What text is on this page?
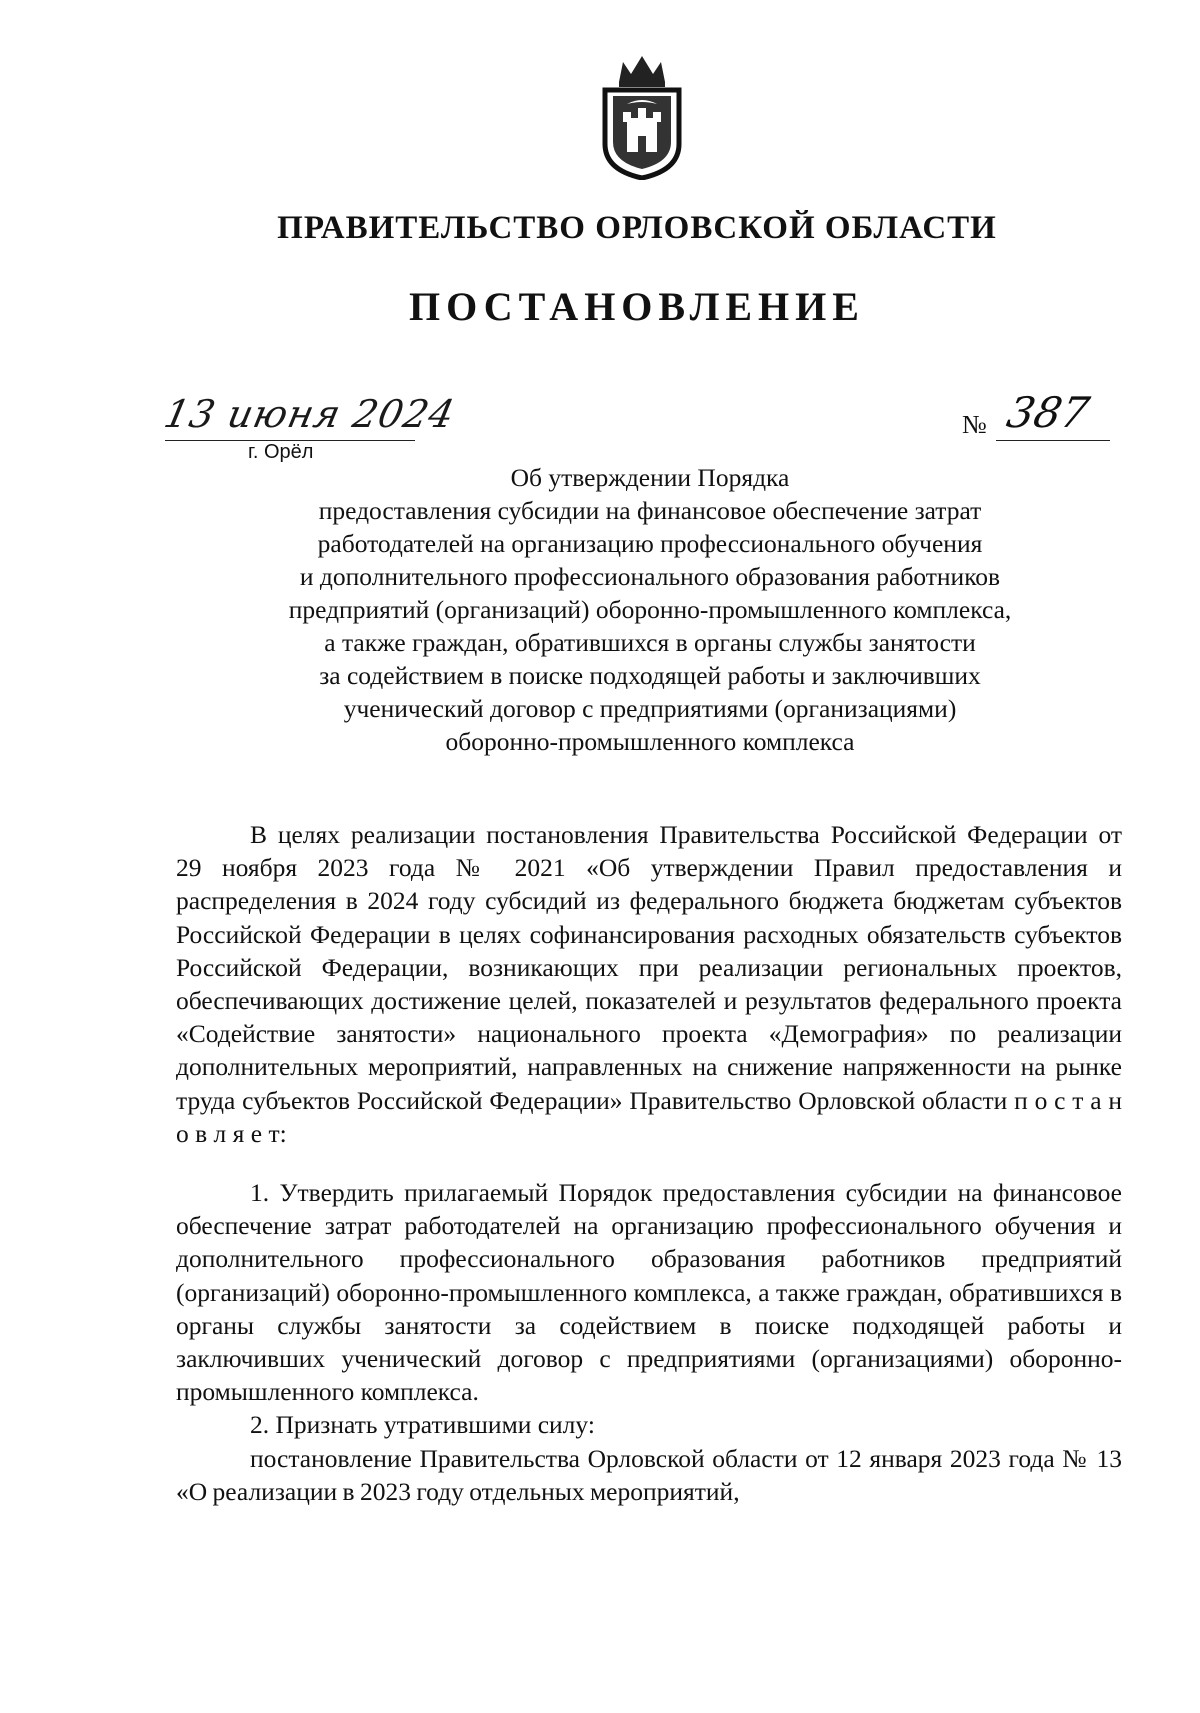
ПРАВИТЕЛЬСТВО ОРЛОВСКОЙ ОБЛАСТИ
ПОСТАНОВЛЕНИЕ
13 июня 2024
г. Орёл
№ 387
Об утверждении Порядка
предоставления субсидии на финансовое обеспечение затрат
работодателей на организацию профессионального обучения
и дополнительного профессионального образования работников
предприятий (организаций) оборонно-промышленного комплекса,
а также граждан, обратившихся в органы службы занятости
за содействием в поиске подходящей работы и заключивших
ученический договор с предприятиями (организациями)
оборонно-промышленного комплекса

В целях реализации постановления Правительства Российской Федерации от 29 ноября 2023 года № 2021 «Об утверждении Правил предоставления и распределения в 2024 году субсидий из федерального бюджета бюджетам субъектов Российской Федерации в целях софинансирования расходных обязательств субъектов Российской Федерации, возникающих при реализации региональных проектов, обеспечивающих достижение целей, показателей и результатов федерального проекта «Содействие занятости» национального проекта «Демография» по реализации дополнительных мероприятий, направленных на снижение напряженности на рынке труда субъектов Российской Федерации» Правительство Орловской области п о с т а н о в л я е т:

1. Утвердить прилагаемый Порядок предоставления субсидии на финансовое обеспечение затрат работодателей на организацию профессионального обучения и дополнительного профессионального образования работников предприятий (организаций) оборонно-промышленного комплекса, а также граждан, обратившихся в органы службы занятости за содействием в поиске подходящей работы и заключивших ученический договор с предприятиями (организациями) оборонно-промышленного комплекса.

2. Признать утратившими силу:

постановление Правительства Орловской области от 12 января 2023 года № 13 «О реализации в 2023 году отдельных мероприятий,
